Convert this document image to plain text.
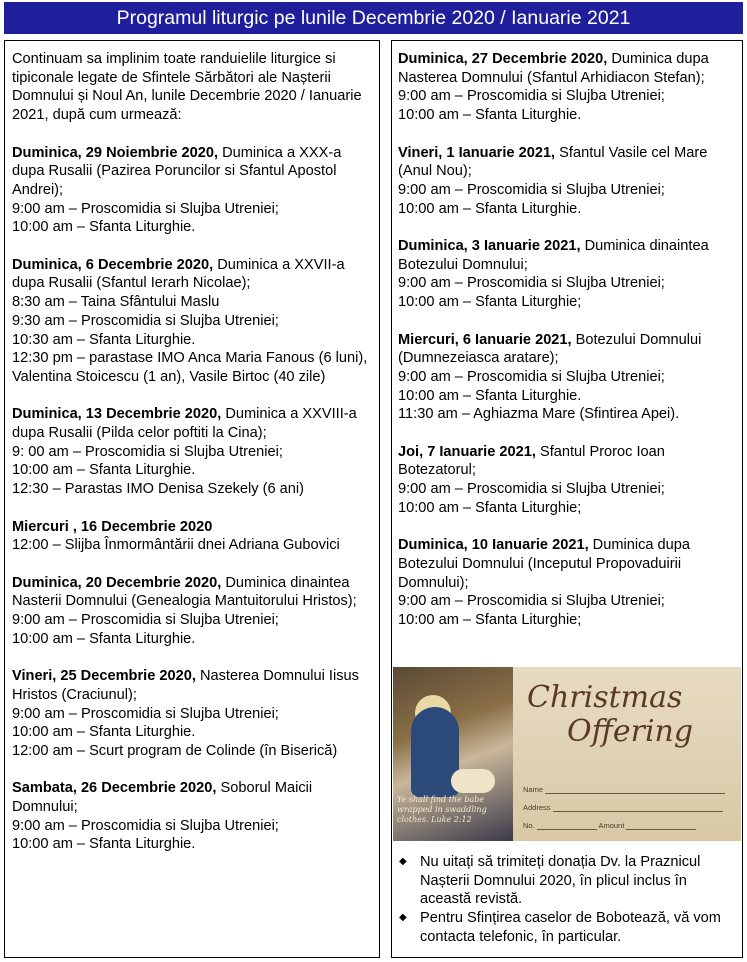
Programul liturgic pe lunile Decembrie 2020 / Ianuarie 2021

Continuam sa implinim toate randuielile liturgice si tipiconale legate de Sfintele Sărbători ale Nașterii Domnului și Noul An, lunile Decembrie 2020 / Ianuarie 2021, după cum urmează:

Duminica, 29 Noiembrie 2020, Duminica a XXX-a dupa Rusalii (Pazirea Poruncilor si Sfantul Apostol Andrei);

9:00 am – Proscomidia si Slujba Utreniei;

10:00 am – Sfanta Liturghie.

Duminica, 6 Decembrie 2020, Duminica a XXVII-a dupa Rusalii (Sfantul Ierarh Nicolae);

8:30 am – Taina Sfântului Maslu

9:30 am – Proscomidia si Slujba Utreniei;

10:30 am – Sfanta Liturghie.

12:30 pm – parastase IMO Anca Maria Fanous (6 luni), Valentina Stoicescu (1 an), Vasile Birtoc (40 zile)

Duminica, 13 Decembrie 2020, Duminica a XXVIII-a dupa Rusalii (Pilda celor poftiti la Cina);

9: 00 am – Proscomidia si Slujba Utreniei;

10:00 am – Sfanta Liturghie.

12:30 – Parastas IMO Denisa Szekely (6 ani)

Miercuri , 16 Decembrie 2020

12:00 – Slijba Înmormântării dnei Adriana Gubovici

Duminica, 20 Decembrie 2020, Duminica dinaintea Nasterii Domnului (Genealogia Mantuitorului Hristos);

9:00 am – Proscomidia si Slujba Utreniei;

10:00 am – Sfanta Liturghie.

Vineri, 25 Decembrie 2020, Nasterea Domnului Iisus Hristos (Craciunul);

9:00 am – Proscomidia si Slujba Utreniei;

10:00 am – Sfanta Liturghie.

12:00 am – Scurt program de Colinde (în Biserică)

Sambata, 26 Decembrie 2020, Soborul Maicii Domnului;

9:00 am – Proscomidia si Slujba Utreniei;

10:00 am – Sfanta Liturghie.

Duminica, 27 Decembrie 2020, Duminica dupa Nasterea Domnului (Sfantul Arhidiacon Stefan);

9:00 am – Proscomidia si Slujba Utreniei;

10:00 am – Sfanta Liturghie.

Vineri, 1 Ianuarie 2021, Sfantul Vasile cel Mare (Anul Nou);

9:00 am – Proscomidia si Slujba Utreniei;

10:00 am – Sfanta Liturghie.

Duminica, 3 Ianuarie 2021, Duminica dinaintea Botezului Domnului;

9:00 am – Proscomidia si Slujba Utreniei;

10:00 am – Sfanta Liturghie;

Miercuri, 6 Ianuarie 2021, Botezului Domnului (Dumnezeiasca aratare);

9:00 am – Proscomidia si Slujba Utreniei;

10:00 am – Sfanta Liturghie.

11:30 am – Aghiazma Mare (Sfintirea Apei).

Joi, 7 Ianuarie 2021, Sfantul Proroc Ioan Botezatorul;

9:00 am – Proscomidia si Slujba Utreniei;

10:00 am – Sfanta Liturghie;

Duminica, 10 Ianuarie 2021, Duminica dupa Botezului Domnului (Inceputul Propovaduirii Domnului);

9:00 am – Proscomidia si Slujba Utreniei;

10:00 am – Sfanta Liturghie;

Ye shall find the babe wrapped in swaddling clothes. Luke 2:12
Christmas
Offering
Name
Address
No.	Amount
◆ Nu uitați să trimiteți donația Dv. la Praznicul Nașterii Domnului 2020, în plicul inclus în această revistă.
◆ Pentru Sfințirea caselor de Bobotează, vă vom contacta telefonic, în particular.
